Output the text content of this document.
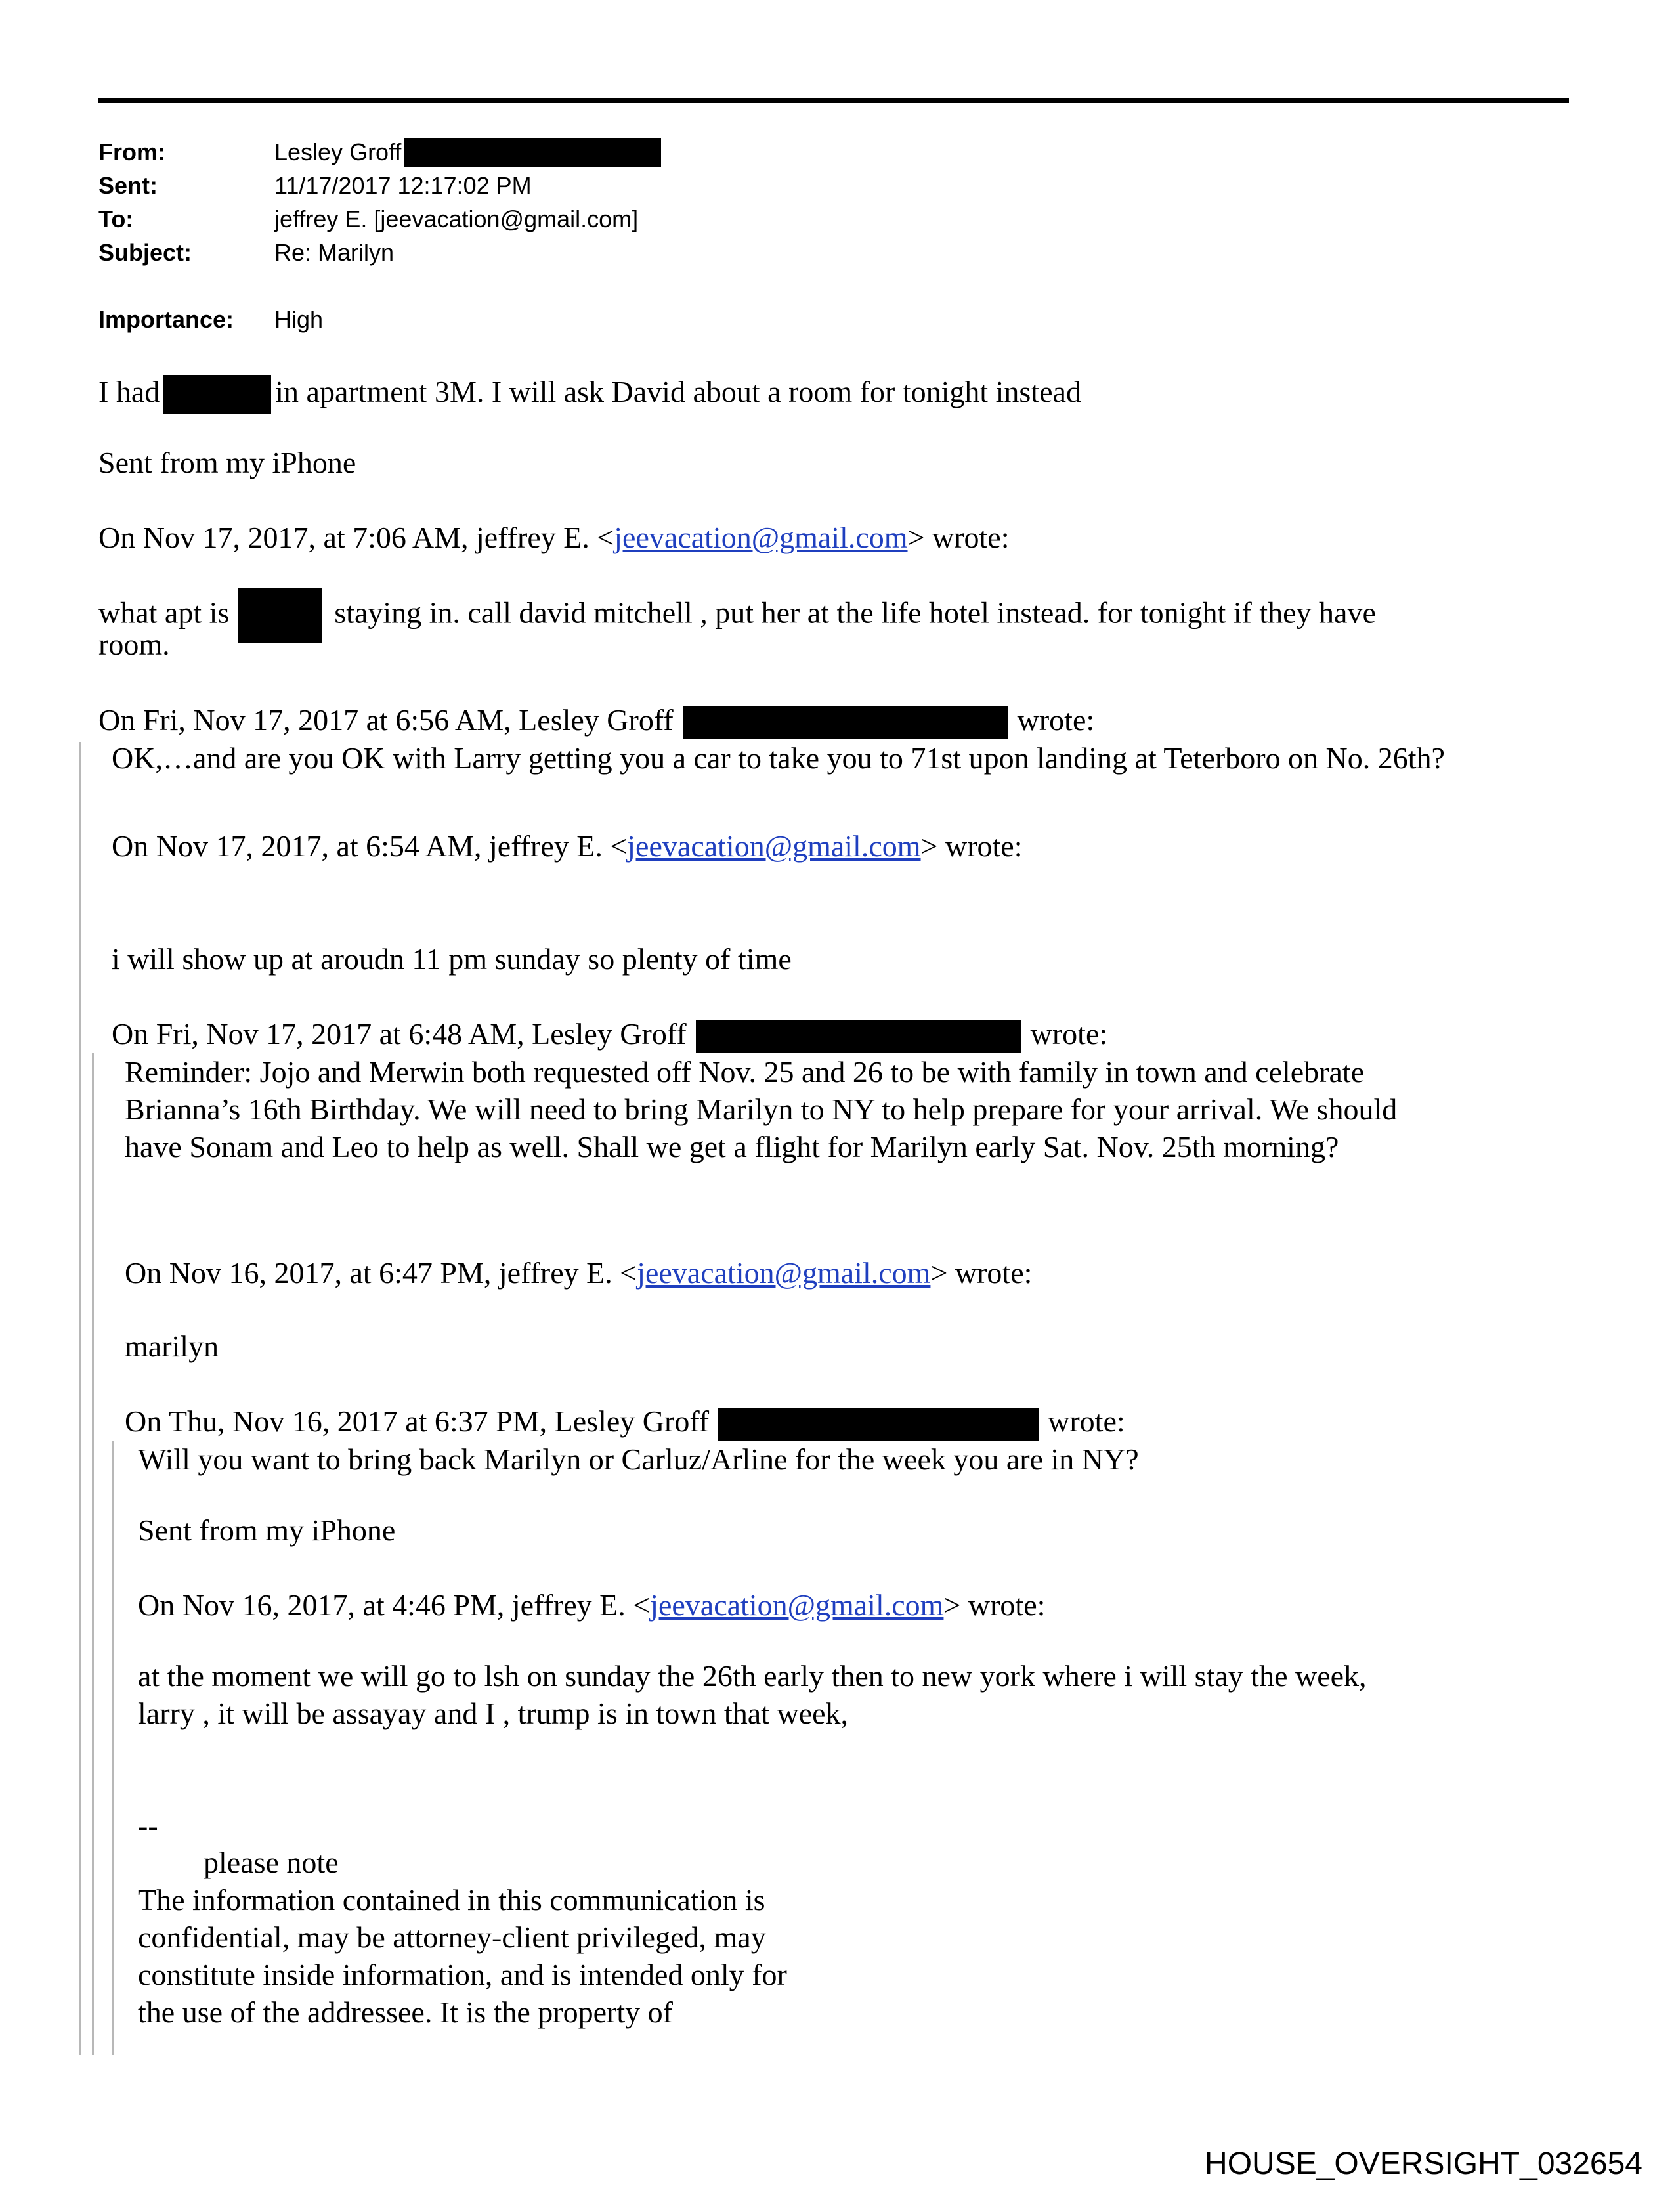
From:	Lesley Groff
Sent:	11/17/2017 12:17:02 PM
To:	jeffrey E. [jeevacation@gmail.com]
Subject:	Re: Marilyn
Importance:	High
I had	in apartment 3M. I will ask David about a room for tonight instead
Sent from my iPhone
On Nov 17, 2017, at 7:06 AM, jeffrey E. <jeevacation@gmail.com> wrote:
what apt is	staying in. call david mitchell , put her at the life hotel instead. for tonight if they have
room.
On Fri, Nov 17, 2017 at 6:56 AM, Lesley Groff	wrote:
OK,…and are you OK with Larry getting you a car to take you to 71st upon landing at Teterboro on No. 26th?
On Nov 17, 2017, at 6:54 AM, jeffrey E. <jeevacation@gmail.com> wrote:
i will show up at aroudn 11 pm sunday so plenty of time
On Fri, Nov 17, 2017 at 6:48 AM, Lesley Groff	wrote:
Reminder: Jojo and Merwin both requested off Nov. 25 and 26 to be with family in town and celebrate
Brianna’s 16th Birthday. We will need to bring Marilyn to NY to help prepare for your arrival. We should
have Sonam and Leo to help as well. Shall we get a flight for Marilyn early Sat. Nov. 25th morning?
On Nov 16, 2017, at 6:47 PM, jeffrey E. <jeevacation@gmail.com> wrote:
marilyn
On Thu, Nov 16, 2017 at 6:37 PM, Lesley Groff	wrote:
Will you want to bring back Marilyn or Carluz/Arline for the week you are in NY?
Sent from my iPhone
On Nov 16, 2017, at 4:46 PM, jeffrey E. <jeevacation@gmail.com> wrote:
at the moment we will go to lsh on sunday the 26th early then to new york where i will stay the week,
larry , it will be assayay and I , trump is in town that week,
--
please note
The information contained in this communication is
confidential, may be attorney-client privileged, may
constitute inside information, and is intended only for
the use of the addressee. It is the property of
HOUSE_OVERSIGHT_032654
